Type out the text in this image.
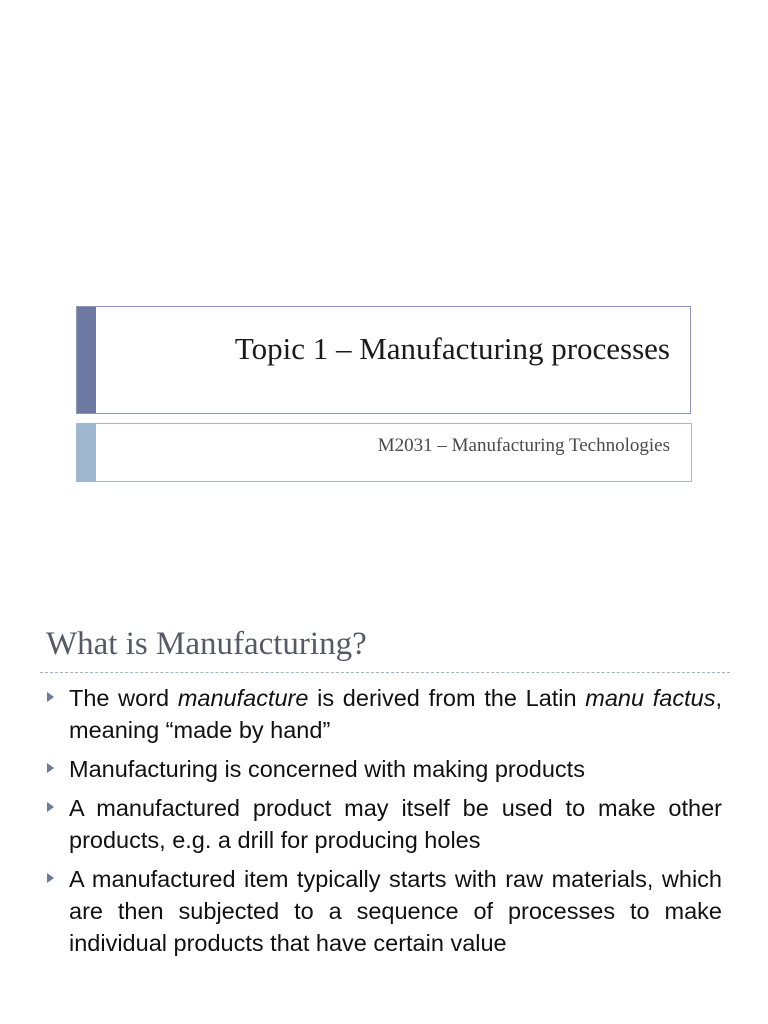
Topic 1 – Manufacturing processes
M2031 – Manufacturing Technologies
What is Manufacturing?
The word manufacture is derived from the Latin manu factus, meaning “made by hand”
Manufacturing is concerned with making products
A manufactured product may itself be used to make other products, e.g. a drill for producing holes
A manufactured item typically starts with raw materials, which are then subjected to a sequence of processes to make individual products that have certain value
